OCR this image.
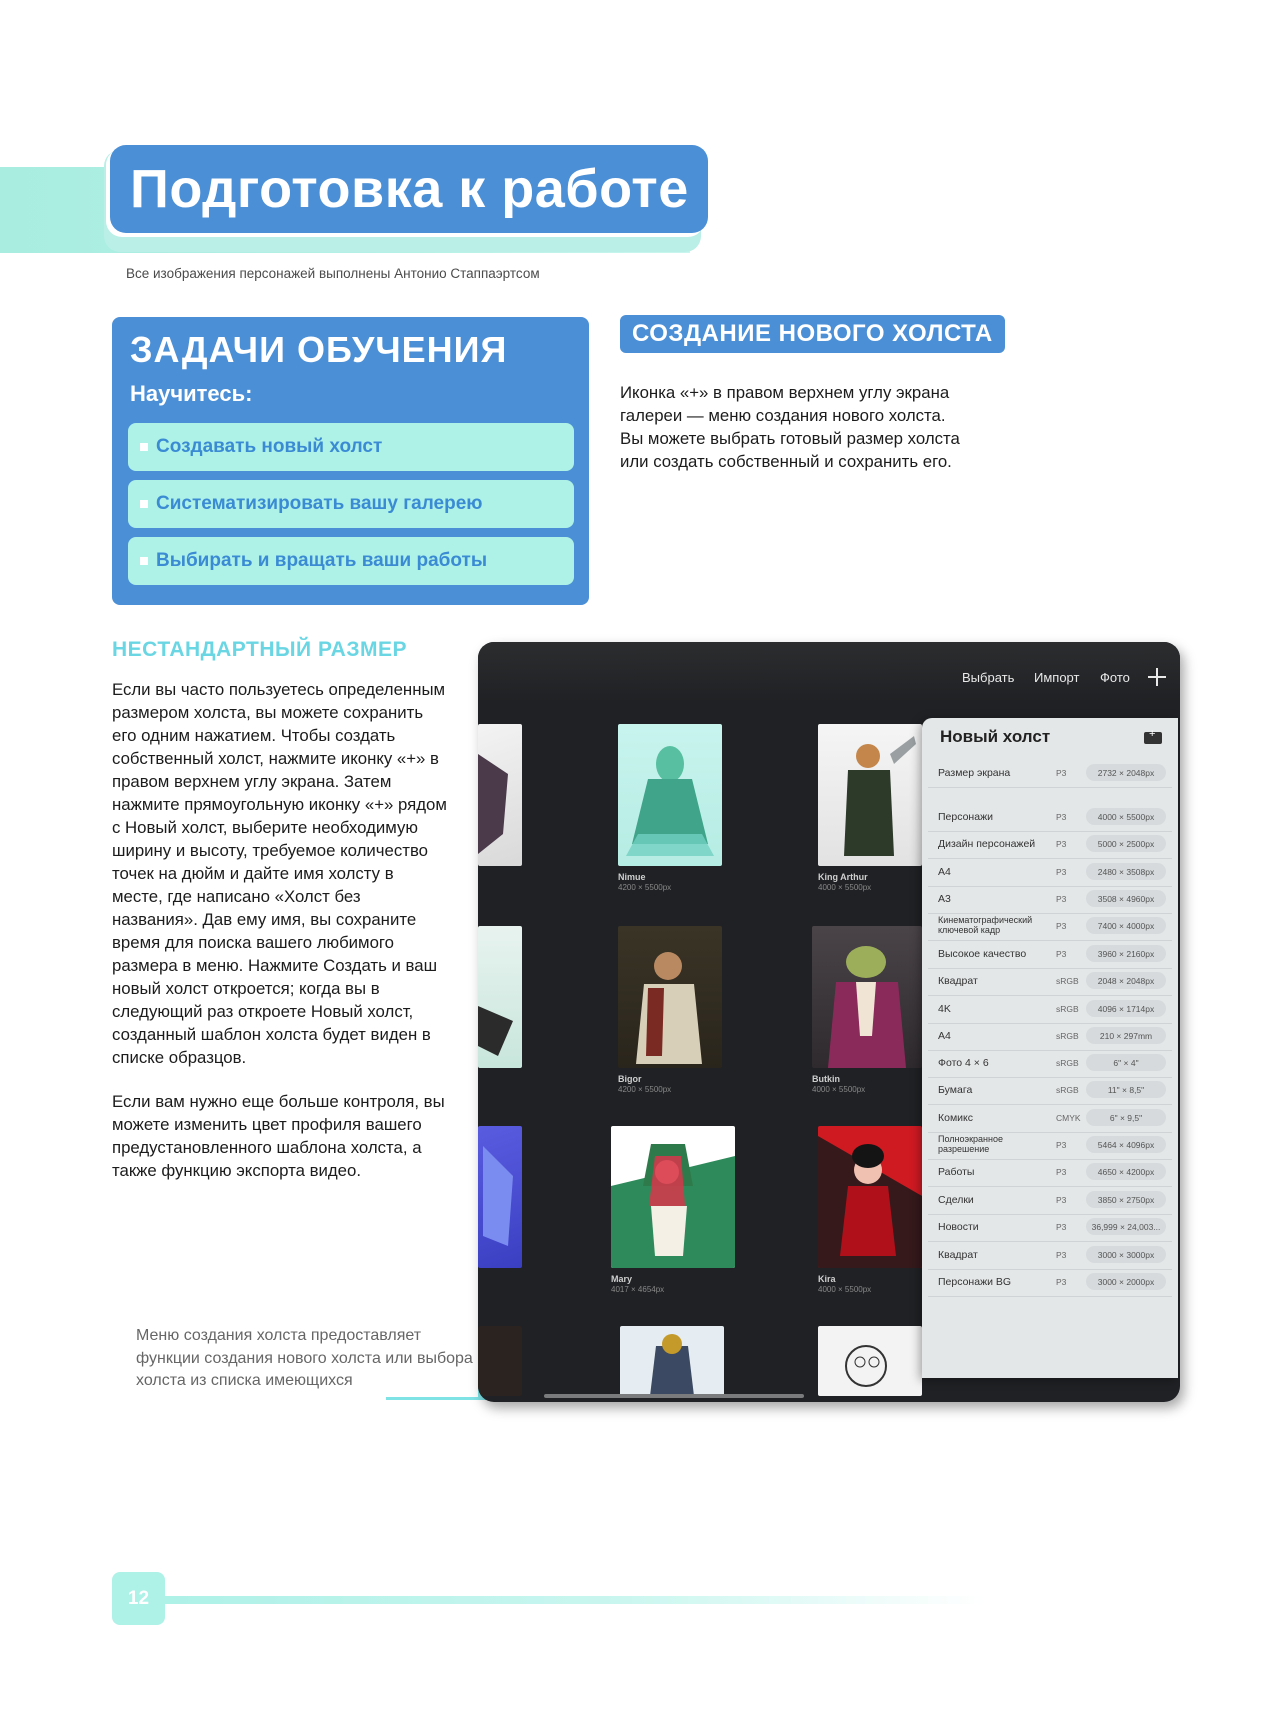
Подготовка к работе
Все изображения персонажей выполнены Антонио Стаппаэртсом
ЗАДАЧИ ОБУЧЕНИЯ
Научитесь:
Создавать новый холст
Систематизировать вашу галерею
Выбирать и вращать ваши работы
СОЗДАНИЕ НОВОГО ХОЛСТА

Иконка «+» в правом верхнем углу экрана галереи — меню создания нового холста. Вы можете выбрать готовый размер холста или создать собственный и сохранить его.

НЕСТАНДАРТНЫЙ РАЗМЕР

Если вы часто пользуетесь определенным размером холста, вы можете сохранить его одним нажатием. Чтобы создать собственный холст, нажмите иконку «+» в правом верхнем углу экрана. Затем нажмите прямоугольную иконку «+» рядом с Новый холст, выберите необходимую ширину и высоту, требуемое количество точек на дюйм и дайте имя холсту в месте, где написано «Холст без названия». Дав ему имя, вы сохраните время для поиска вашего любимого размера в меню. Нажмите Создать и ваш новый холст откроется; когда вы в следующий раз откроете Новый холст, созданный шаблон холста будет виден в списке образцов.

Если вам нужно еще больше контроля, вы можете изменить цвет профиля вашего предустановленного шаблона холста, а также функцию экспорта видео.

Меню создания холста предоставляет функции создания нового холста или выбора холста из списка имеющихся
Выбрать Импорт Фото
Nimue
4200 × 5500px
Bigor
4200 × 5500px
Mary
4017 × 4654px
King Arthur
4000 × 5500px
Butkin
4000 × 5500px
Kira
4000 × 5500px
Новый холст
+
Размер экрана	P3	2732 × 2048px
Персонажи	P3	4000 × 5500px
Дизайн персонажей P3	5000 × 2500px
A4	P3	2480 × 3508px
A3	P3	3508 × 4960px
Кинематографический ключевой кадр	P3	7400 × 4000px
Высокое качество	P3	3960 × 2160px
Квадрат	sRGB	2048 × 2048px
4K	sRGB	4096 × 1714px
A4	sRGB	210 × 297mm
Фото 4 × 6	sRGB	6" × 4"
Бумага	sRGB	11" × 8,5"
Комикс	CMYK	6" × 9,5"
Полноэкранное разрешение	P3	5464 × 4096px
Работы	P3	4650 × 4200px
Сделки	P3	3850 × 2750px
Новости	P3	36,999 × 24,003...
Квадрат	P3	3000 × 3000px
Персонажи BG	P3	3000 × 2000px
12
